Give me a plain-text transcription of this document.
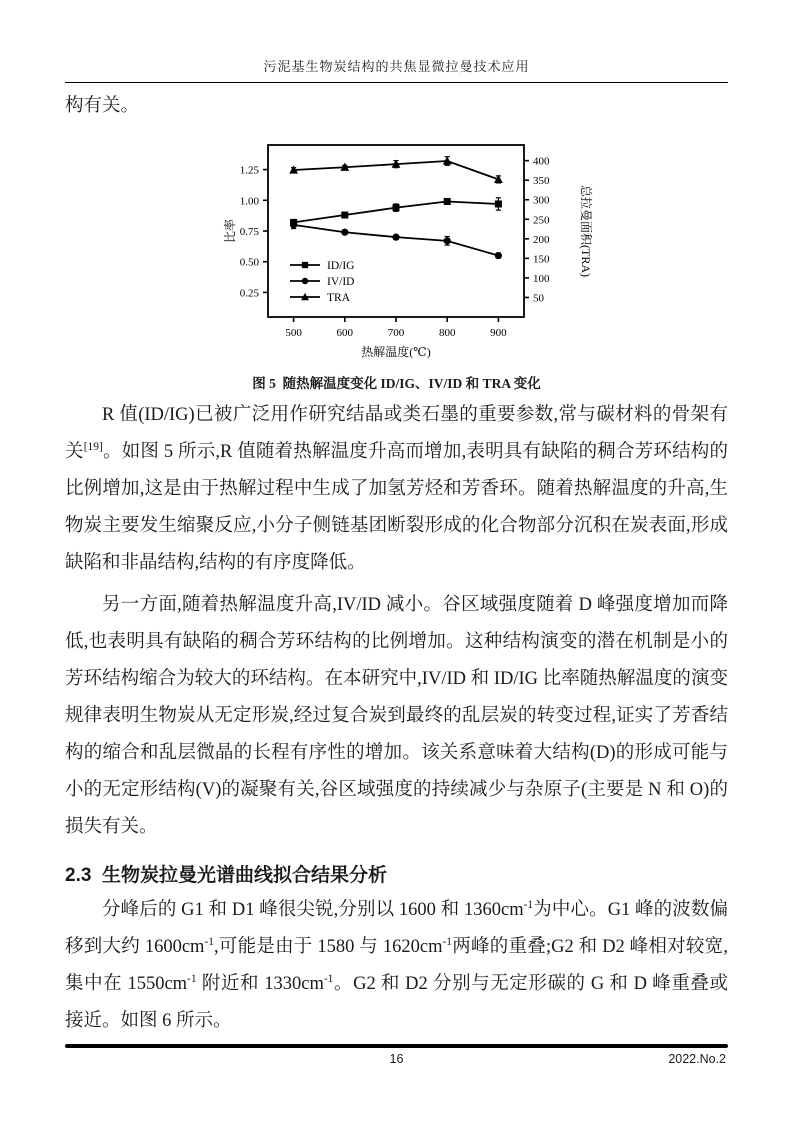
污泥基生物炭结构的共焦显微拉曼技术应用

构有关。

0.25
0.50
0.75
1.00
1.25
50
100
150
200
250
300
350
400
500	600	700	800	900
比率	总拉曼面积(TRA)
热解温度(℃)
ID/IG
IV/ID
TRA
图 5  随热解温度变化 ID/IG、IV/ID 和 TRA 变化

R 值(ID/IG)已被广泛用作研究结晶或类石墨的重要参数,常与碳材料的骨架有关[19]。如图 5 所示,R 值随着热解温度升高而增加,表明具有缺陷的稠合芳环结构的比例增加,这是由于热解过程中生成了加氢芳烃和芳香环。随着热解温度的升高,生物炭主要发生缩聚反应,小分子侧链基团断裂形成的化合物部分沉积在炭表面,形成缺陷和非晶结构,结构的有序度降低。

另一方面,随着热解温度升高,IV/ID 减小。谷区域强度随着 D 峰强度增加而降低,也表明具有缺陷的稠合芳环结构的比例增加。这种结构演变的潜在机制是小的芳环结构缩合为较大的环结构。在本研究中,IV/ID 和 ID/IG 比率随热解温度的演变规律表明生物炭从无定形炭,经过复合炭到最终的乱层炭的转变过程,证实了芳香结构的缩合和乱层微晶的长程有序性的增加。该关系意味着大结构(D)的形成可能与小的无定形结构(V)的凝聚有关,谷区域强度的持续减少与杂原子(主要是 N 和 O)的损失有关。

2.3  生物炭拉曼光谱曲线拟合结果分析

分峰后的 G1 和 D1 峰很尖锐,分别以 1600 和 1360cm$^{-1}$为中心。G1 峰的波数偏移到大约 1600cm$^{-1}$,可能是由于 1580 与 1620cm$^{-1}$两峰的重叠;G2 和 D2 峰相对较宽,集中在 1550cm$^{-1}$ 附近和 1330cm$^{-1}$。G2 和 D2 分别与无定形碳的 G 和 D 峰重叠或接近。如图 6 所示。

16	2022.No.2
